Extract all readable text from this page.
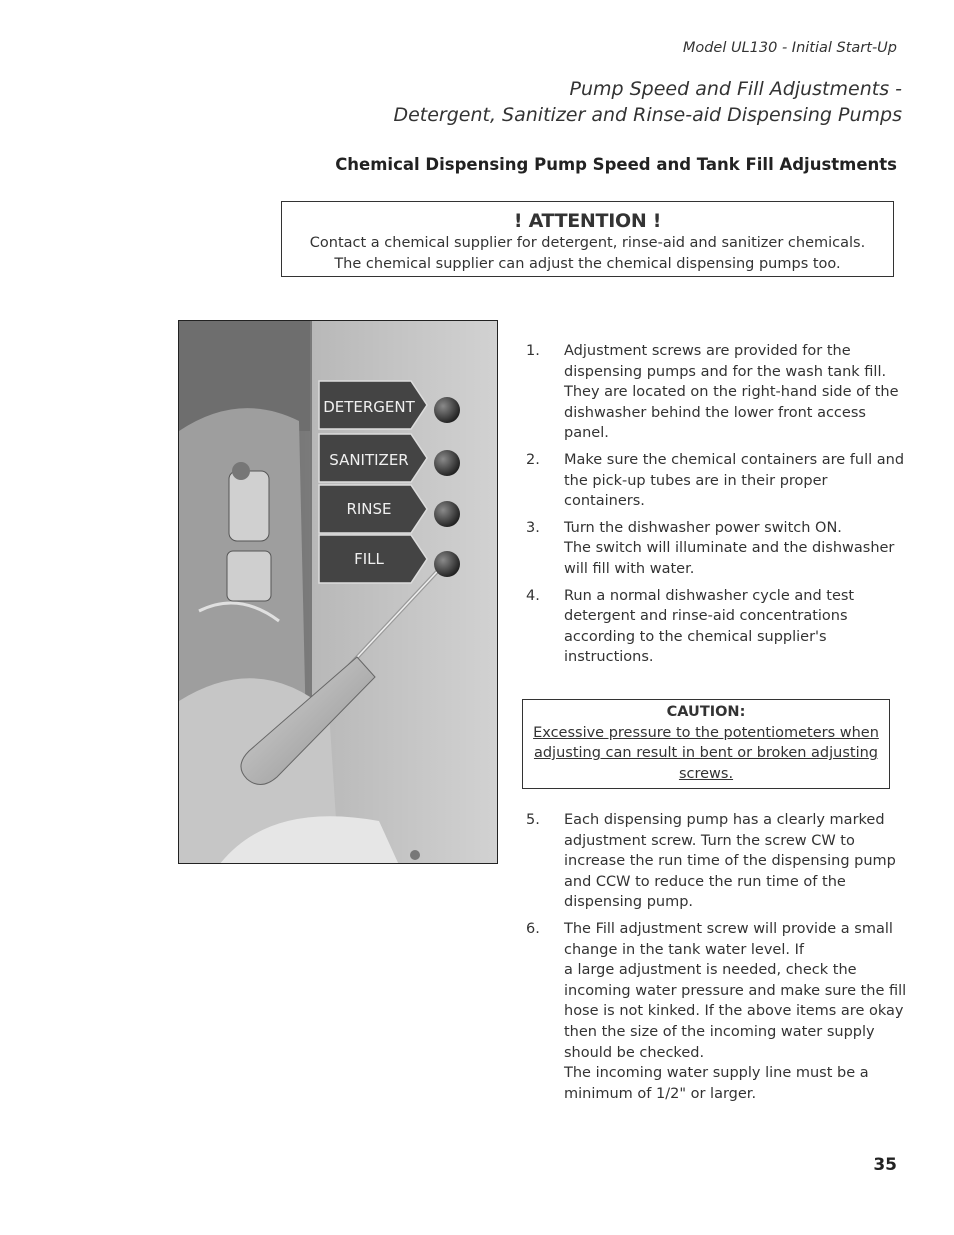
Model UL130 - Initial Start-Up
Pump Speed and Fill Adjustments -
Detergent, Sanitizer and Rinse-aid Dispensing Pumps
Chemical Dispensing Pump Speed and Tank Fill Adjustments
! ATTENTION !
Contact a chemical supplier for detergent, rinse-aid and sanitizer chemicals.
The chemical supplier can adjust the chemical dispensing pumps too.
DETERGENT
SANITIZER
RINSE
FILL
1.	Adjustment screws are provided for the dispensing pumps and for the wash tank fill. They are located on the right-hand side of the dishwasher behind the lower front access panel.
2.	Make sure the chemical containers are full and the pick-up tubes are in their proper containers.
3.	Turn the dishwasher power switch ON.
The switch will illuminate and the dishwasher will fill with water.
4.	Run a normal dishwasher cycle and test detergent and rinse-aid concentrations according to the chemical supplier's instructions.
CAUTION:
Excessive pressure to the potentiometers when adjusting can result in bent or broken adjusting screws.
5.	Each dispensing pump has a clearly marked adjustment screw. Turn the screw CW to increase the run time of the dispensing pump and CCW to reduce the run time of the dispensing pump.
6.	The Fill adjustment screw will provide a small change in the tank water level. If
a large adjustment is needed, check the incoming water pressure and make sure the fill hose is not kinked. If the above items are okay then the size of the incoming water supply should be checked.
The incoming water supply line must be a minimum of 1/2" or larger.
35
